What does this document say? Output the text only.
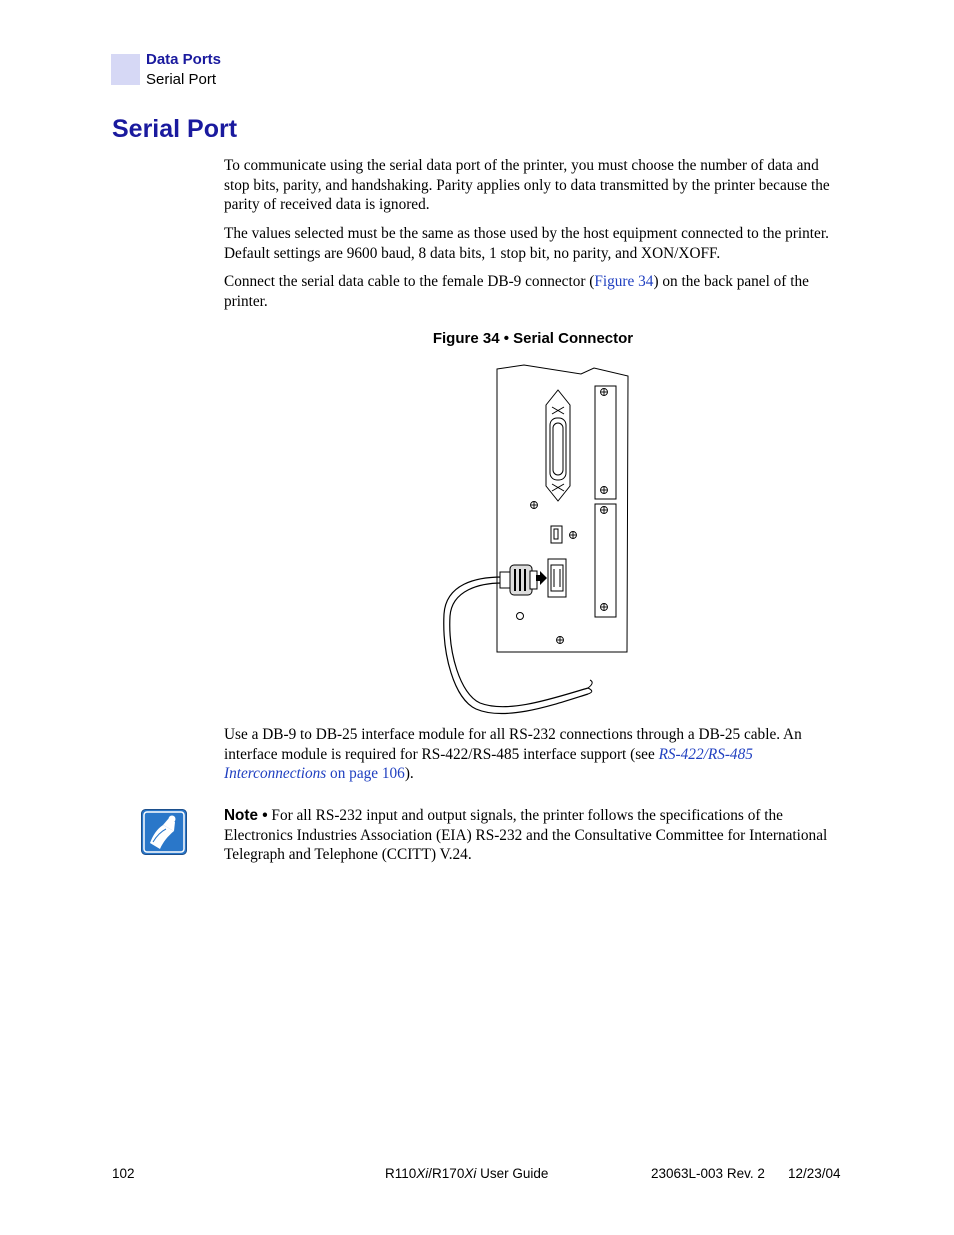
Data Ports
Serial Port
Serial Port

To communicate using the serial data port of the printer, you must choose the number of data and stop bits, parity, and handshaking. Parity applies only to data transmitted by the printer because the parity of received data is ignored.

The values selected must be the same as those used by the host equipment connected to the printer. Default settings are 9600 baud, 8 data bits, 1 stop bit, no parity, and XON/XOFF.

Connect the serial data cable to the female DB-9 connector (Figure 34) on the back panel of the printer.

Figure 34 • Serial Connector

Use a DB-9 to DB-25 interface module for all RS-232 connections through a DB-25 cable. An interface module is required for RS-422/RS-485 interface support (see RS-422/RS-485 Interconnections on page 106).

Note • For all RS-232 input and output signals, the printer follows the specifications of the Electronics Industries Association (EIA) RS-232 and the Consultative Committee for International Telegraph and Telephone (CCITT) V.24.

102	R110Xi/R170Xi User Guide	23063L-003 Rev. 2 12/23/04
